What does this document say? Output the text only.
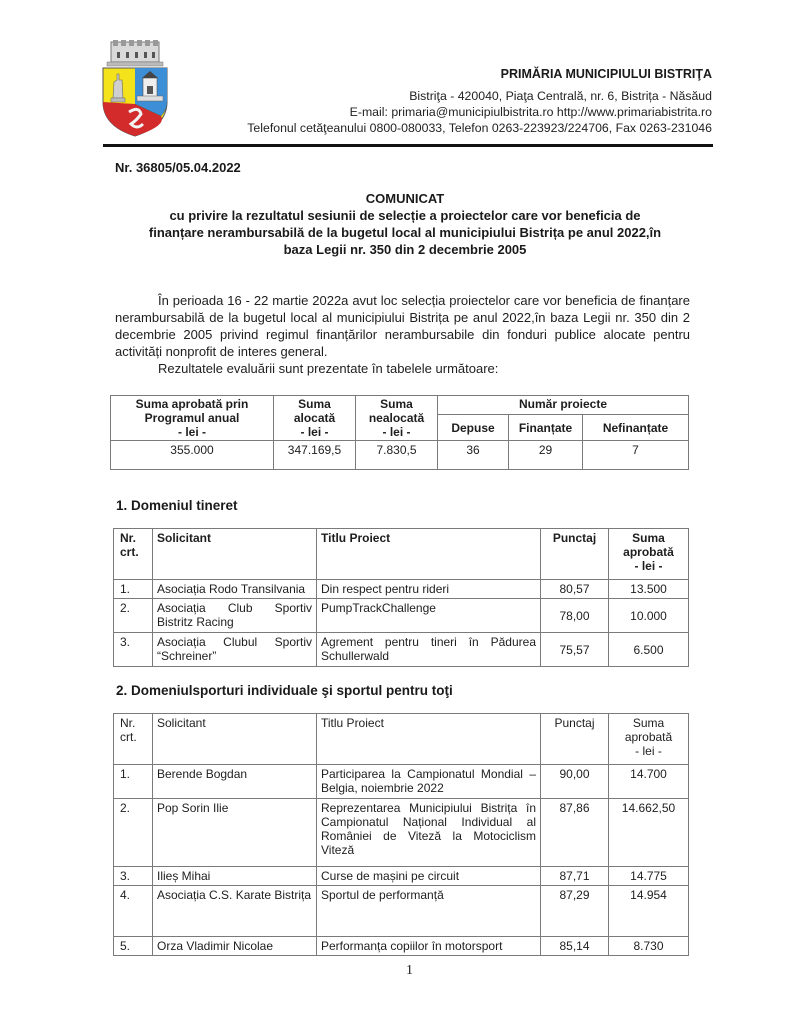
PRIMĂRIA MUNICIPIULUI BISTRIŢA
Bistriţa - 420040, Piaţa Centrală, nr. 6, Bistrița - Năsăud
E-mail: primaria@municipiulbistrita.ro http://www.primariabistrita.ro
Telefonul cetăţeanului 0800-080033, Telefon 0263-223923/224706, Fax 0263-231046
Nr. 36805/05.04.2022
COMUNICAT
cu privire la rezultatul sesiunii de selecție a proiectelor care vor beneficia de
finanțare nerambursabilă de la bugetul local al municipiului Bistrița pe anul 2022,în
baza Legii nr. 350 din 2 decembrie 2005
În perioada 16 - 22 martie 2022a avut loc selecția proiectelor care vor beneficia de finanțare nerambursabilă de la bugetul local al municipiului Bistrița pe anul 2022,în baza Legii nr. 350 din 2 decembrie 2005 privind regimul finanțărilor nerambursabile din fonduri publice alocate pentru activități nonprofit de interes general.
Rezultatele evaluării sunt prezentate în tabelele următoare:
Suma aprobată prin
Programul anual
- lei -

Suma
alocată
- lei -

Suma
nealocată
- lei -
	Număr proiecte
			Depuse	Finanțate	Nefinanțate
355.000	347.169,5	7.830,5	36	29	7
1. Domeniul tineret
Nr.
crt.
	Solicitant	Titlu Proiect	Punctaj	Suma
aprobată
- lei -

1.	Asociația Rodo Transilvania	Din respect pentru rideri	80,57	13.500
2.	Asociația Club Sportiv Bistritz Racing	PumpTrackChallenge	78,00	10.000
3.	Asociația Clubul Sportiv “Schreiner”	Agrement pentru tineri în Pădurea Schullerwald	75,57	6.500
2. Domeniulsporturi individuale şi sportul pentru toţi
Nr.
crt.
	Solicitant	Titlu Proiect	Punctaj	Suma
aprobată
- lei -

1.	Berende Bogdan	Participarea la Campionatul Mondial – Belgia, noiembrie 2022	90,00	14.700
2.	Pop Sorin Ilie	Reprezentarea Municipiului Bistrița în Campionatul Național Individual al României de Viteză la Motociclism Viteză	87,86	14.662,50
3.	Ilieș Mihai	Curse de mașini pe circuit	87,71	14.775
4.	Asociația C.S. Karate Bistrița	Sportul de performanță	87,29	14.954
5.	Orza Vladimir Nicolae	Performanța copiilor în motorsport	85,14	8.730
1
